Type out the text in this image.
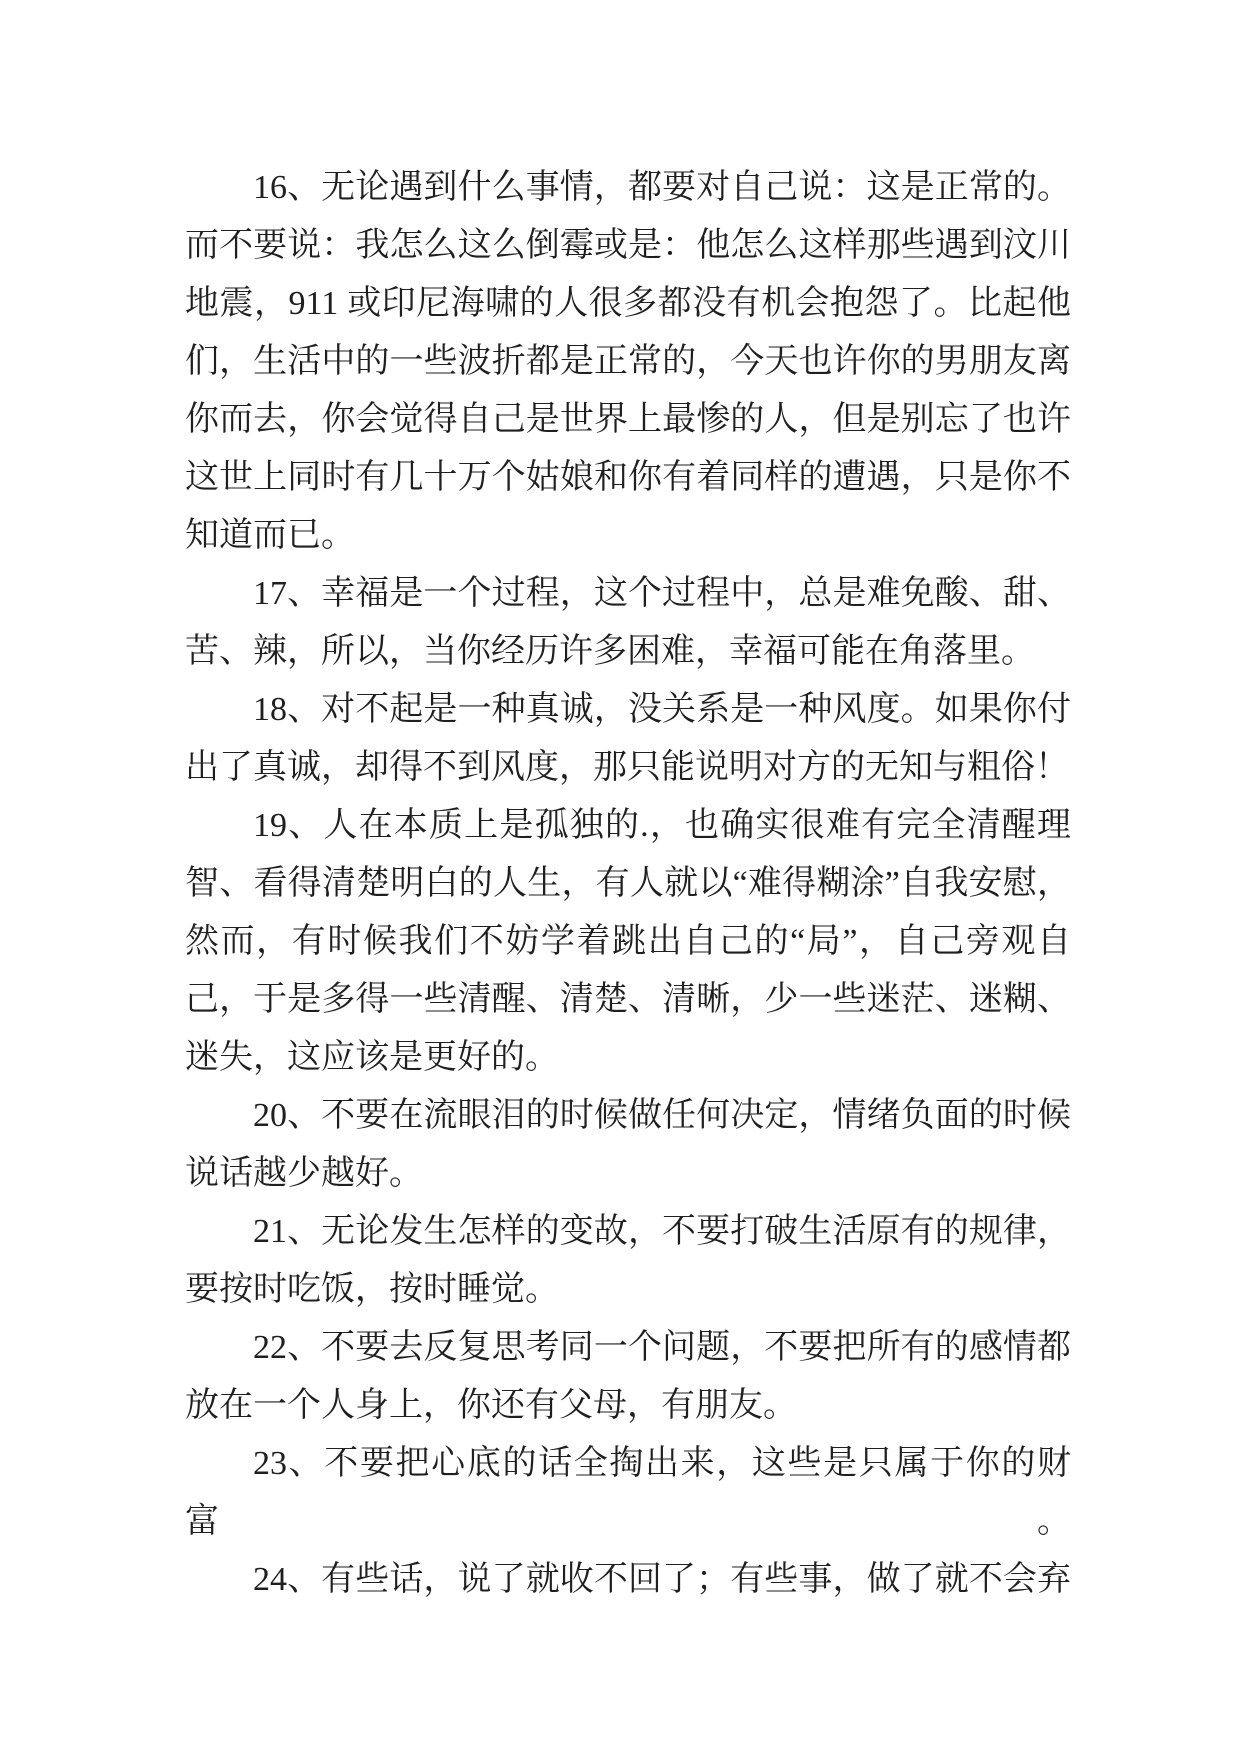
16、无论遇到什么事情，都要对自己说：这是正常的。
而不要说：我怎么这么倒霉或是：他怎么这样那些遇到汶川
地震，911 或印尼海啸的人很多都没有机会抱怨了。比起他
们，生活中的一些波折都是正常的，今天也许你的男朋友离
你而去，你会觉得自己是世界上最惨的人，但是别忘了也许
这世上同时有几十万个姑娘和你有着同样的遭遇，只是你不
知道而已。
17、幸福是一个过程，这个过程中，总是难免酸、甜、
苦、辣，所以，当你经历许多困难，幸福可能在角落里。
18、对不起是一种真诚，没关系是一种风度。如果你付
出了真诚，却得不到风度，那只能说明对方的无知与粗俗！
19、人在本质上是孤独的.，也确实很难有完全清醒理
智、看得清楚明白的人生，有人就以“难得糊涂”自我安慰，
然而，有时候我们不妨学着跳出自己的“局”，自己旁观自
己，于是多得一些清醒、清楚、清晰，少一些迷茫、迷糊、
迷失，这应该是更好的。
20、不要在流眼泪的时候做任何决定，情绪负面的时候
说话越少越好。
21、无论发生怎样的变故，不要打破生活原有的规律，
要按时吃饭，按时睡觉。
22、不要去反复思考同一个问题，不要把所有的感情都
放在一个人身上，你还有父母，有朋友。
23、不要把心底的话全掏出来，这些是只属于你的财富。
24、有些话，说了就收不回了；有些事，做了就不会弃
